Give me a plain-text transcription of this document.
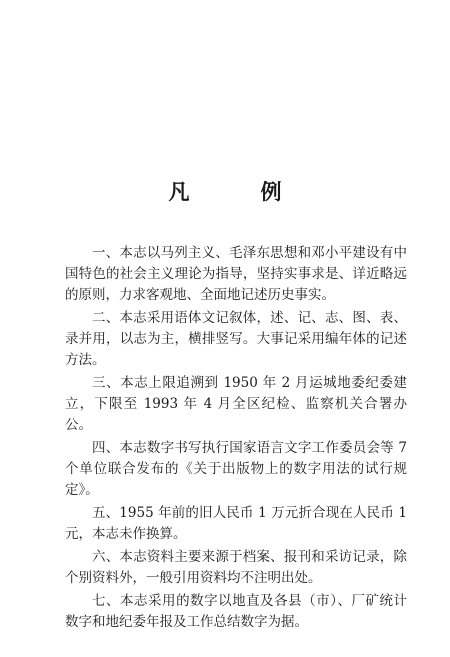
凡　例

一、本志以马列主义、毛泽东思想和邓小平建设有中国特色的社会主义理论为指导，坚持实事求是、详近略远的原则，力求客观地、全面地记述历史事实。

二、本志采用语体文记叙体，述、记、志、图、表、录并用，以志为主，横排竖写。大事记采用编年体的记述方法。

三、本志上限追溯到 1950 年 2 月运城地委纪委建立，下限至 1993 年 4 月全区纪检、监察机关合署办公。

四、本志数字书写执行国家语言文字工作委员会等 7 个单位联合发布的《关于出版物上的数字用法的试行规定》。

五、1955 年前的旧人民币 1 万元折合现在人民币 1 元，本志未作换算。

六、本志资料主要来源于档案、报刊和采访记录，除个别资料外，一般引用资料均不注明出处。

七、本志采用的数字以地直及各县（市）、厂矿统计数字和地纪委年报及工作总结数字为据。
